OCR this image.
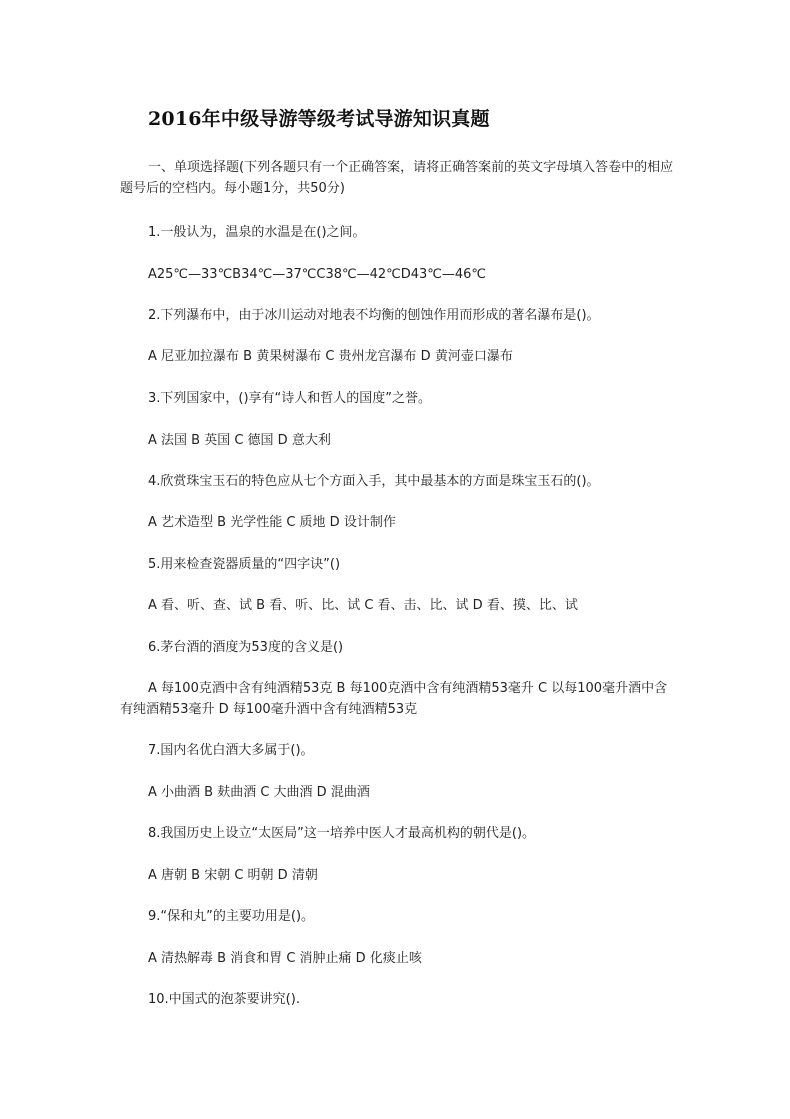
2016年中级导游等级考试导游知识真题

一、单项选择题(下列各题只有一个正确答案，请将正确答案前的英文字母填入答卷中的相应题号后的空档内。每小题1分，共50分)

1.一般认为，温泉的水温是在()之间。

A25℃—33℃B34℃—37℃C38℃—42℃D43℃—46℃

2.下列瀑布中，由于冰川运动对地表不均衡的刨蚀作用而形成的著名瀑布是()。

A 尼亚加拉瀑布 B 黄果树瀑布 C 贵州龙宫瀑布 D 黄河壶口瀑布

3.下列国家中，()享有“诗人和哲人的国度”之誉。

A 法国 B 英国 C 德国 D 意大利

4.欣赏珠宝玉石的特色应从七个方面入手，其中最基本的方面是珠宝玉石的()。

A 艺术造型 B 光学性能 C 质地 D 设计制作

5.用来检查瓷器质量的“四字诀”()

A 看、听、查、试 B 看、听、比、试 C 看、击、比、试 D 看、摸、比、试

6.茅台酒的酒度为53度的含义是()

A 每100克酒中含有纯酒精53克 B 每100克酒中含有纯酒精53毫升 C 以每100毫升酒中含有纯酒精53毫升 D 每100毫升酒中含有纯酒精53克

7.国内名优白酒大多属于()。

A 小曲酒 B 麸曲酒 C 大曲酒 D 混曲酒

8.我国历史上设立“太医局”这一培养中医人才最高机构的朝代是()。

A 唐朝 B 宋朝 C 明朝 D 清朝

9.“保和丸”的主要功用是()。

A 清热解毒 B 消食和胃 C 消肿止痛 D 化痰止咳

10.中国式的泡茶要讲究().
